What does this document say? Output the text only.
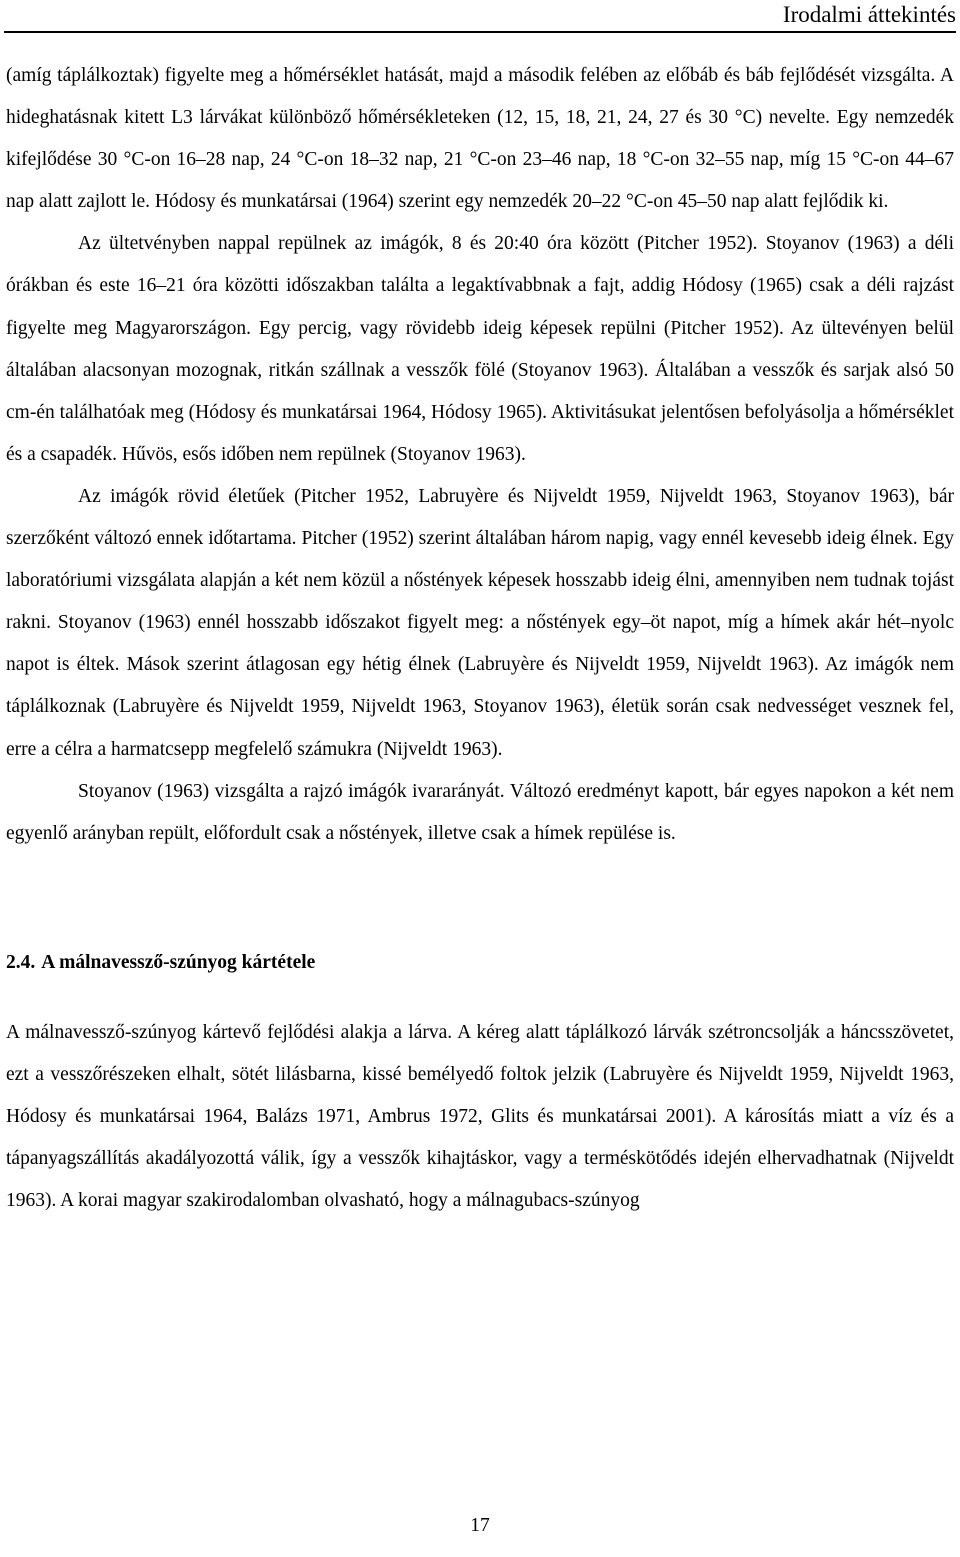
Irodalmi áttekintés

(amíg táplálkoztak) figyelte meg a hőmérséklet hatását, majd a második felében az előbáb és báb fejlődését vizsgálta. A hideghatásnak kitett L3 lárvákat különböző hőmérsékleteken (12, 15, 18, 21, 24, 27 és 30 °C) nevelte. Egy nemzedék kifejlődése 30 °C-on 16–28 nap, 24 °C-on 18–32 nap, 21 °C-on 23–46 nap, 18 °C-on 32–55 nap, míg 15 °C-on 44–67 nap alatt zajlott le. Hódosy és munkatársai (1964) szerint egy nemzedék 20–22 °C-on 45–50 nap alatt fejlődik ki.

Az ültetvényben nappal repülnek az imágók, 8 és 20:40 óra között (Pitcher 1952). Stoyanov (1963) a déli órákban és este 16–21 óra közötti időszakban találta a legaktívabbnak a fajt, addig Hódosy (1965) csak a déli rajzást figyelte meg Magyarországon. Egy percig, vagy rövidebb ideig képesek repülni (Pitcher 1952). Az ültevényen belül általában alacsonyan mozognak, ritkán szállnak a vesszők fölé (Stoyanov 1963). Általában a vesszők és sarjak alsó 50 cm-én találhatóak meg (Hódosy és munkatársai 1964, Hódosy 1965). Aktivitásukat jelentősen befolyásolja a hőmérséklet és a csapadék. Hűvös, esős időben nem repülnek (Stoyanov 1963).

Az imágók rövid életűek (Pitcher 1952, Labruyère és Nijveldt 1959, Nijveldt 1963, Stoyanov 1963), bár szerzőként változó ennek időtartama. Pitcher (1952) szerint általában három napig, vagy ennél kevesebb ideig élnek. Egy laboratóriumi vizsgálata alapján a két nem közül a nőstények képesek hosszabb ideig élni, amennyiben nem tudnak tojást rakni. Stoyanov (1963) ennél hosszabb időszakot figyelt meg: a nőstények egy–öt napot, míg a hímek akár hét–nyolc napot is éltek. Mások szerint átlagosan egy hétig élnek (Labruyère és Nijveldt 1959, Nijveldt 1963). Az imágók nem táplálkoznak (Labruyère és Nijveldt 1959, Nijveldt 1963, Stoyanov 1963), életük során csak nedvességet vesznek fel, erre a célra a harmatcsepp megfelelő számukra (Nijveldt 1963).

Stoyanov (1963) vizsgálta a rajzó imágók ivararányát. Változó eredményt kapott, bár egyes napokon a két nem egyenlő arányban repült, előfordult csak a nőstények, illetve csak a hímek repülése is.

2.4. A málnavessző-szúnyog kártétele

A málnavessző-szúnyog kártevő fejlődési alakja a lárva. A kéreg alatt táplálkozó lárvák szétroncsolják a háncsszövetet, ezt a vesszőrészeken elhalt, sötét lilásbarna, kissé bemélyedő foltok jelzik (Labruyère és Nijveldt 1959, Nijveldt 1963, Hódosy és munkatársai 1964, Balázs 1971, Ambrus 1972, Glits és munkatársai 2001). A károsítás miatt a víz és a tápanyagszállítás akadályozottá válik, így a vesszők kihajtáskor, vagy a terméskötődés idején elhervadhatnak (Nijveldt 1963). A korai magyar szakirodalomban olvasható, hogy a málnagubacs-szúnyog

17
